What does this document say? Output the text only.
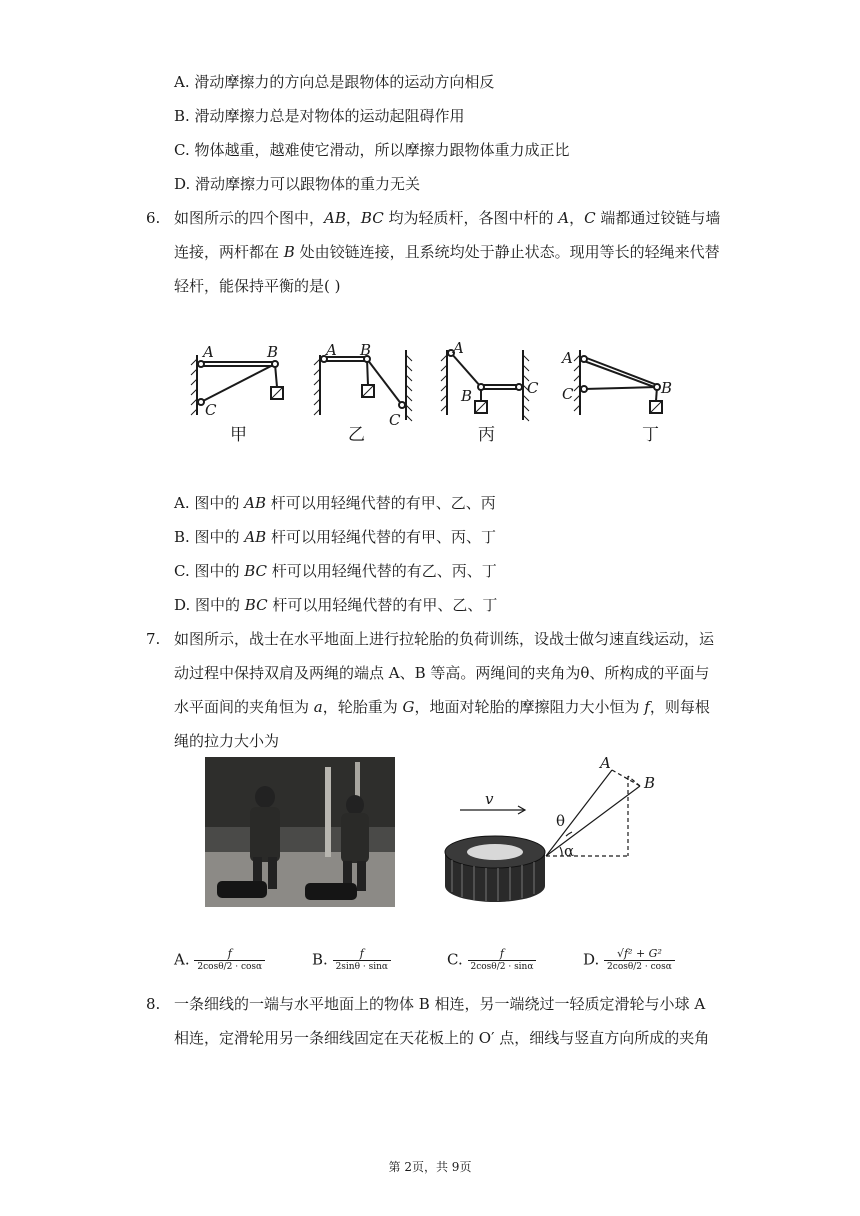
A. 滑动摩擦力的方向总是跟物体的运动方向相反
B. 滑动摩擦力总是对物体的运动起阻碍作用
C. 物体越重，越难使它滑动，所以摩擦力跟物体重力成正比
D. 滑动摩擦力可以跟物体的重力无关
6. 如图所示的四个图中，AB，BC 均为轻质杆，各图中杆的 A，C 端都通过铰链与墙
连接，两杆都在 B 处由铰链连接，且系统均处于静止状态。现用等长的轻绳来代替
轻杆，能保持平衡的是( )
A	B
C
A B
C
A
B	C
A
C	B
甲	乙	丙	丁
A. 图中的 AB 杆可以用轻绳代替的有甲、乙、丙
B. 图中的 AB 杆可以用轻绳代替的有甲、丙、丁
C. 图中的 BC 杆可以用轻绳代替的有乙、丙、丁
D. 图中的 BC 杆可以用轻绳代替的有甲、乙、丁
7. 如图所示，战士在水平地面上进行拉轮胎的负荷训练，设战士做匀速直线运动，运
动过程中保持双肩及两绳的端点 A、B 等高。两绳间的夹角为θ、所构成的平面与
水平面间的夹角恒为 a，轮胎重为 G，地面对轮胎的摩擦阻力大小恒为 f，则每根
绳的拉力大小为
v
A
B
θ
α
A. $\frac{f}{2\cos\theta/2 \cdot \cos\alpha}$	B. $\frac{f}{2\sin\theta \cdot \sin\alpha}$	C. $\frac{f}{2\cos\theta/2 \cdot \sin\alpha}$	D. $\frac{\text{√f² + G²}}{2\cos\theta/2 \cdot \cos\alpha}$
8. 一条细线的一端与水平地面上的物体 B 相连，另一端绕过一轻质定滑轮与小球 A
相连，定滑轮用另一条细线固定在天花板上的 O′ 点，细线与竖直方向所成的夹角
第 2页，共 9页
